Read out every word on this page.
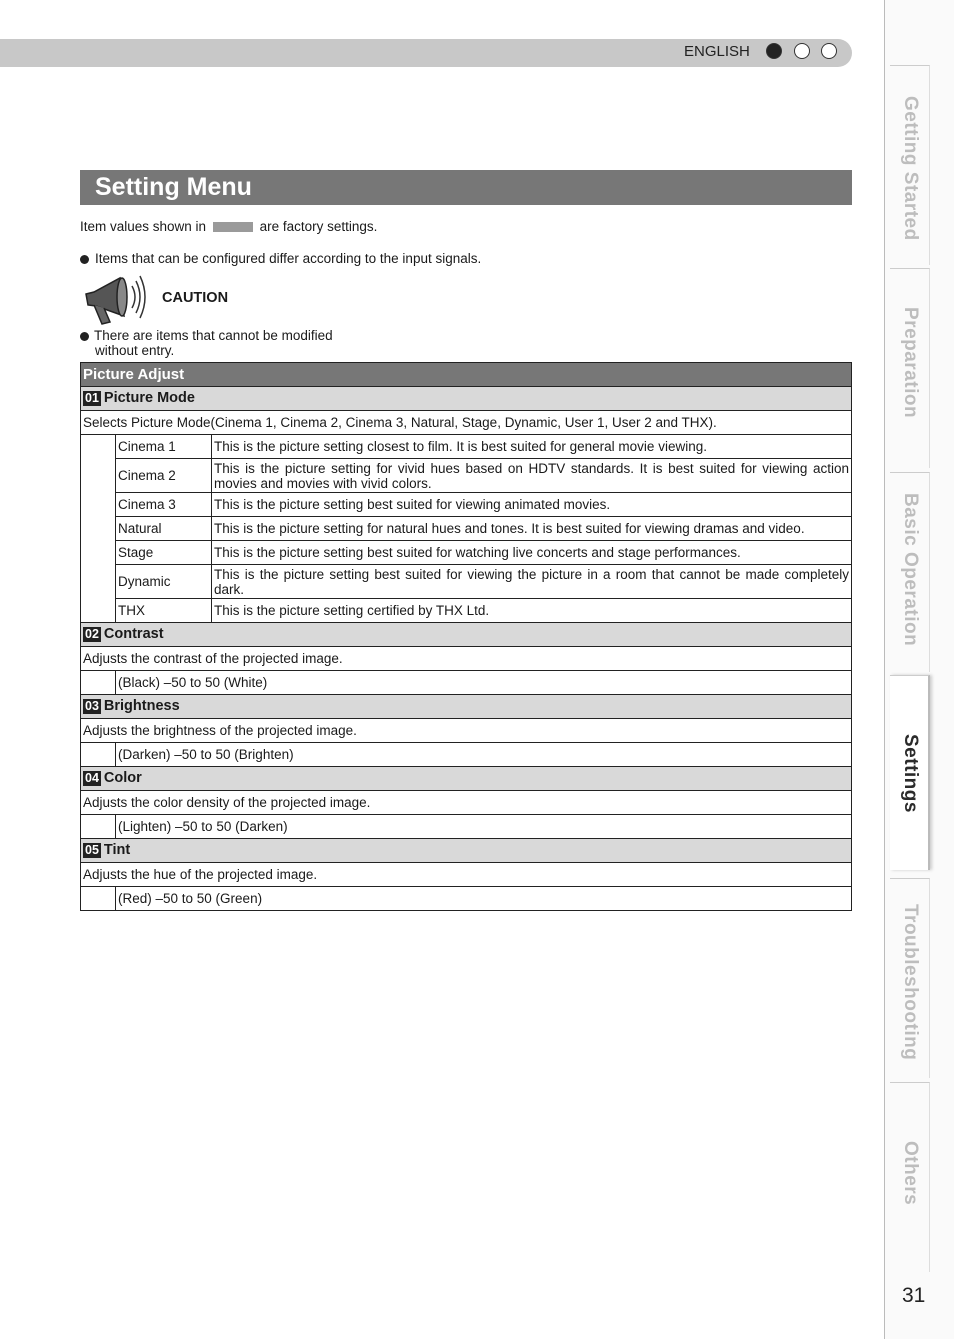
ENGLISH
Setting Menu
Item values shown in	are factory settings.
Items that can be configured differ according to the input signals.
CAUTION
There are items that cannot be modified
without entry.
Picture Adjust		
01 Picture Mode		
Selects Picture Mode(Cinema 1, Cinema 2, Cinema 3, Natural, Stage, Dynamic, User 1, User 2 and THX).		
	Cinema 1	This is the picture setting closest to film. It is best suited for general movie viewing.
	Cinema 2	This is the picture setting for vivid hues based on HDTV standards. It is best suited for viewing action movies and movies with vivid colors.
	Cinema 3	This is the picture setting best suited for viewing animated movies.
	Natural	This is the picture setting for natural hues and tones. It is best suited for viewing dramas and video.
	Stage	This is the picture setting best suited for watching live concerts and stage performances.
	Dynamic	This is the picture setting best suited for viewing the picture in a room that cannot be made completely dark.
	THX	This is the picture setting certified by THX Ltd.
02 Contrast		
Adjusts the contrast of the projected image.		
	(Black) –50 to 50 (White)	
03 Brightness		
Adjusts the brightness of the projected image.		
	(Darken) –50 to 50 (Brighten)	
04 Color		
Adjusts the color density of the projected image.		
	(Lighten) –50 to 50 (Darken)	
05 Tint		
Adjusts the hue of the projected image.		
	(Red) –50 to 50 (Green)	
Getting Started
Preparation
Basic Operation
Settings
Troubleshooting
Others
31
